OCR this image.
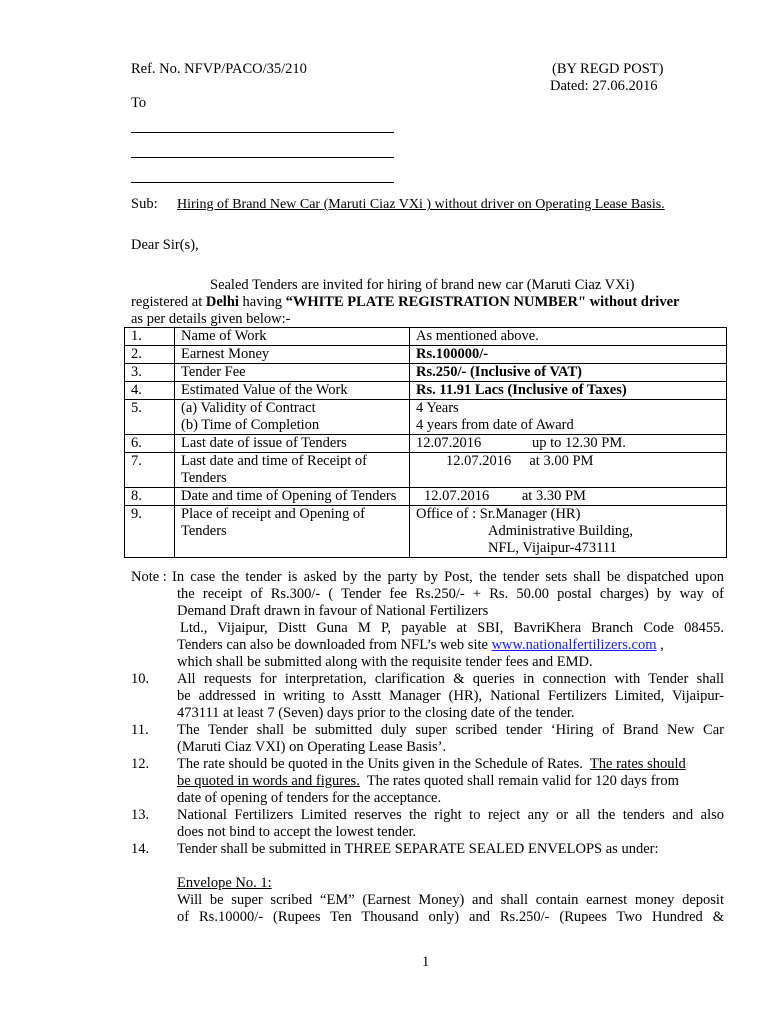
Ref. No. NFVP/PACO/35/210	(BY REGD POST)
Dated: 27.06.2016
To
Sub: Hiring of Brand New Car (Maruti Ciaz VXi ) without driver on Operating Lease Basis.
Dear Sir(s),
Sealed Tenders are invited for hiring of brand new car (Maruti Ciaz VXi)
registered at Delhi having “WHITE PLATE REGISTRATION NUMBER" without driver
as per details given below:-
1.	Name of Work	As mentioned above.
2.	Earnest Money	Rs.100000/-
3.	Tender Fee	Rs.250/- (Inclusive of VAT)
4.	Estimated Value of the Work	Rs. 11.91 Lacs (Inclusive of Taxes)
5.	(a) Validity of Contract	4 Years
	(b) Time of Completion	4 years from date of Award
6.	Last date of issue of Tenders	12.07.2016              up to 12.30 PM.
7.	Last date and time of Receipt of Tenders	12.07.2016     at 3.00 PM
8.	Date and time of Opening of Tenders	12.07.2016         at 3.30 PM
9.	Place of receipt and Opening of Tenders	Office of : Sr.Manager (HR)
Administrative Building,
NFL, Vijaipur-473111
Note : In case the tender is asked by the party by Post, the tender sets shall be dispatched upon
the receipt of Rs.300/- ( Tender fee Rs.250/- + Rs. 50.00 postal charges) by way of
Demand Draft drawn in favour of National Fertilizers
Ltd., Vijaipur, Distt Guna M P, payable at SBI, BavriKhera Branch Code 08455.
Tenders can also be downloaded from NFL’s web site www.nationalfertilizers.com ,
which shall be submitted along with the requisite tender fees and EMD.
10. All requests for interpretation, clarification & queries in connection with Tender shall
be addressed in writing to Asstt Manager (HR), National Fertilizers Limited, Vijaipur-
473111 at least 7 (Seven) days prior to the closing date of the tender.
11. The Tender shall be submitted duly super scribed tender ‘Hiring of Brand New Car
(Maruti Ciaz VXI) on Operating Lease Basis’.
12. The rate should be quoted in the Units given in the Schedule of Rates.  The rates should
be quoted in words and figures.  The rates quoted shall remain valid for 120 days from
date of opening of tenders for the acceptance.
13. National Fertilizers Limited reserves the right to reject any or all the tenders and also
does not bind to accept the lowest tender.
14. Tender shall be submitted in THREE SEPARATE SEALED ENVELOPS as under:
Envelope No. 1:
Will be super scribed “EM” (Earnest Money) and shall contain earnest money deposit
of Rs.10000/- (Rupees Ten Thousand only) and Rs.250/- (Rupees Two Hundred &
1
